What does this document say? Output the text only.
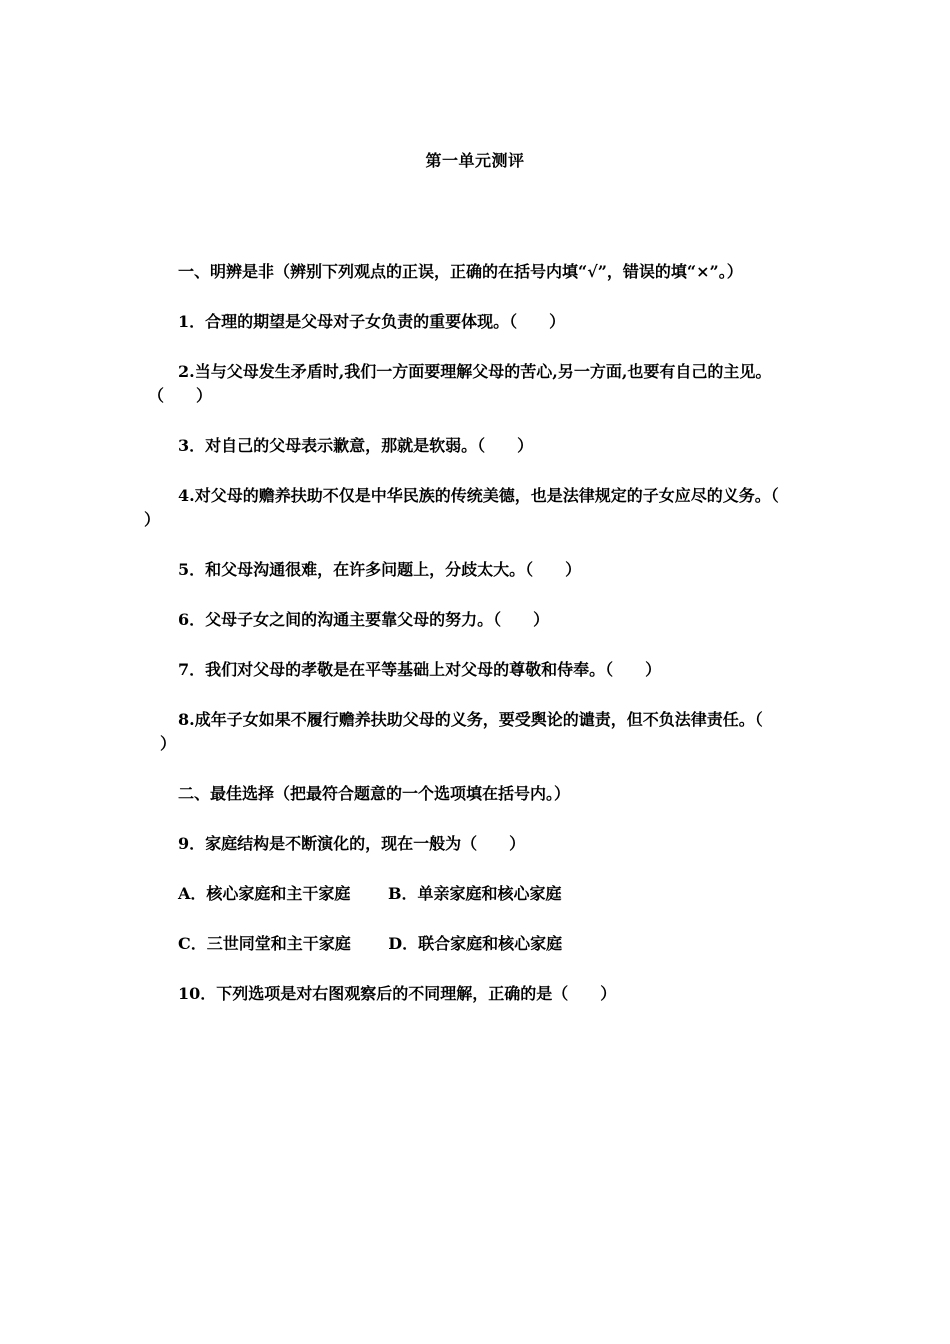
第一单元测评
一、明辨是非（辨别下列观点的正误，正确的在括号内填“√”，错误的填“×”。）
1．合理的期望是父母对子女负责的重要体现。（　　）
2.当与父母发生矛盾时,我们一方面要理解父母的苦心,另一方面,也要有自己的主见。
（　　）
3．对自己的父母表示歉意，那就是软弱。（　　）
4.对父母的赡养扶助不仅是中华民族的传统美德，也是法律规定的子女应尽的义务。（
）
5．和父母沟通很难，在许多问题上，分歧太大。（　　）
6．父母子女之间的沟通主要靠父母的努力。（　　）
7．我们对父母的孝敬是在平等基础上对父母的尊敬和侍奉。（　　）
8.成年子女如果不履行赡养扶助父母的义务，要受舆论的谴责，但不负法律责任。（
）
二、最佳选择（把最符合题意的一个选项填在括号内。）
9．家庭结构是不断演化的，现在一般为（　　）
A．核心家庭和主干家庭　　 B．单亲家庭和核心家庭
C．三世同堂和主干家庭　　 D．联合家庭和核心家庭
10．下列选项是对右图观察后的不同理解，正确的是（　　）
